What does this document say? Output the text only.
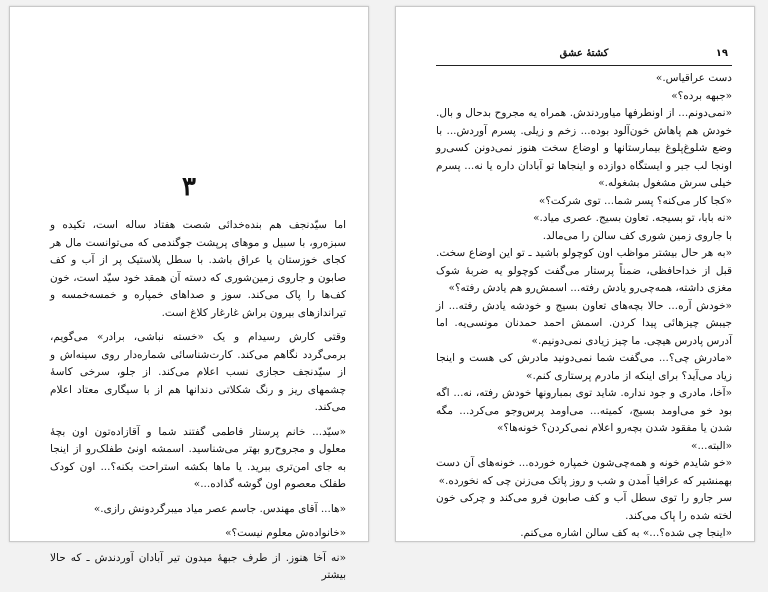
۳

اما سیّدنجف هم بنده‌خدائی شصت هفتاد ساله است، تکیده و سبزه‌رو، با سبیل و موهای پرپشت جوگندمی که می‌توانست مال هر کجای خوزستان یا عراق باشد. با سطل پلاستیک پر از آب و کف صابون و جاروی زمین‌شوری که دسته آن همقد خود سیّد است، خون کف‌ها را پاک می‌کند. سوز و صداهای خمپاره و خمسه‌خمسه و تیراندازهای بیرون براش غارغار کلاغ است.

وقتی کارش رسیدام و یک «خسته نباشی، برادر» می‌گویم، برمی‌گردد نگاهم می‌کند. کارت‌شناسائی شماره‌دار روی سینه‌اش و از سیّدنجف حجازی نسب اعلام می‌کند. از جلو، سرخی کاسهٔ چشمهای ریز و رنگ شکلاتی دندانها هم از با سیگاری معتاد اعلام می‌کند.

«سیّد... خانم پرستار فاطمی گفتند شما و آقازاده‌تون اون بچهٔ معلول و مجروح‌رو بهتر می‌شناسید. اسمشه اونئ طفلک‌رو از اینجا به جای امن‌تری ببرید. یا ماها بکشه استراحت بکنه؟... اون کودک طفلک معصوم اون گوشه گذاده...»

«ها... آقای مهندس. جاسم عصر میاد میبرگردونش رازی.»

«خانواده‌ش معلوم نیست؟»

«نه آخا هنوز. از طرف جبههٔ میدون تیر آبادان آوردندش ـ که حالا بیشتر

۱۹
کشتهٔ عشق

دست عراقیاس.»

«جبهه برده؟»

«نمی‌دونم... از اونطرفها میاوردندش. همراه یه مجروح بدحال و بال. خودش هم پاهاش خون‌آلود بوده... زخم و زیلی. پسرم آوردش... با وضع شلوغ‌پلوغ بیمارستانها و اوضاع سخت هنوز نمی‌دونن کسی‌رو اونجا لب جبر و ایستگاه دوازده و اینجاها تو آبادان داره یا نه... پسرم خیلی سرش مشغول بشغوله.»

«کجا کار می‌کنه؟ پسر شما... توی شرکت؟»

«نه بابا، تو بسیجه. تعاون بسیج. عصری میاد.»

با جاروی زمین شوری کف سالن را می‌مالد.

«به هر حال بیشتر مواظب اون کوچولو باشید ـ تو این اوضاع سخت. قبل از خداحافظی، ضمناً پرستار می‌گفت کوچولو یه ضربهٔ شوک مغزی داشته، همه‌چی‌رو یادش رفته... اسمش‌رو هم یادش رفته؟»

«خودش آره... حالا بچه‌های تعاون بسیج و خودشه یادش رفته... از جیبش چیزهائی پیدا کردن. اسمش احمد حمدنان مونسی‌یه. اما آدرس پادرس هیچی. ما چیز زیادی نمی‌دونیم.»

«مادرش چی؟... می‌گفت شما نمی‌دونید مادرش کی هست و اینجا زیاد می‌آید؟ برای اینکه از مادرم پرستاری کنم.»

«آخا، مادری و جود نداره. شاید توی بمبارونها خودش رفته، نه... اگه بود خو می‌اومد بسیج، کمیته... می‌اومد پرس‌وجو می‌کرد... مگه شدن یا مفقود شدن بچه‌رو اعلام نمی‌کردن؟ خونه‌ها؟»

«البته...»

«خو شایدم خونه‌ و همه‌چی‌شون خمپاره خورده... خونه‌های آن دست بهمنشیر که عراقیا اَمدن و شب و روز پاتک می‌زنن چی که نخورده.»

سر جارو را توی سطل آب و کف صابون فرو می‌کند و چرکی خون لخته شده را پاک می‌کند.

«اینجا چی شده؟...» به کف سالن اشاره می‌کنم.
